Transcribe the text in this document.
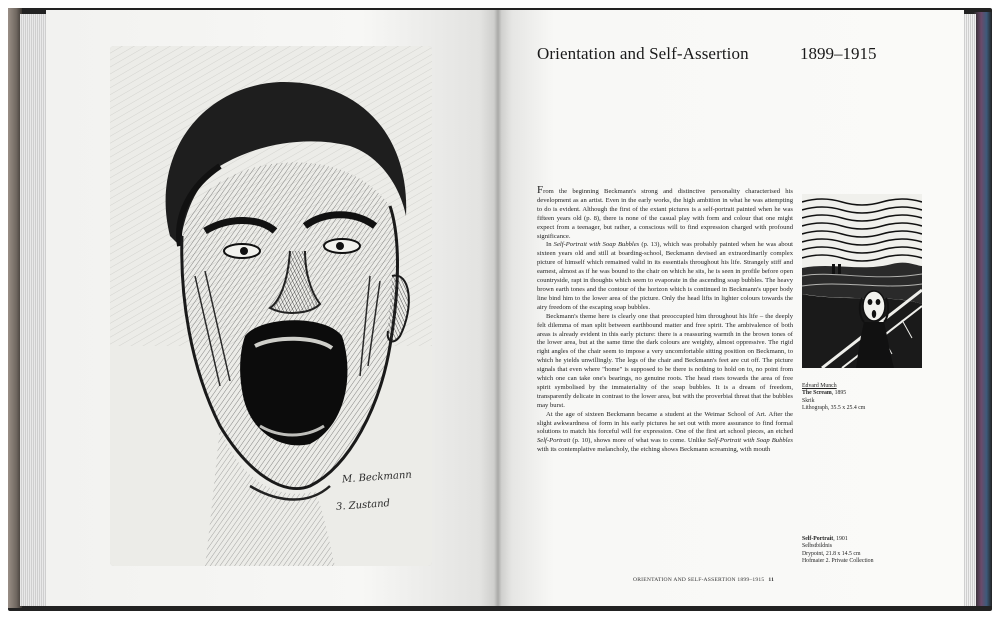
M. Beckmann
3. Zustand
Orientation and Self-Assertion	1899–1915

From the beginning Beckmann's strong and distinctive personality characterised his development as an artist. Even in the early works, the high ambition in what he was attempting to do is evident. Although the first of the extant pictures is a self-portrait painted when he was fifteen years old (p. 8), there is none of the casual play with form and colour that one might expect from a teenager, but rather, a conscious will to find expression charged with profound significance.

In Self-Portrait with Soap Bubbles (p. 13), which was probably painted when he was about sixteen years old and still at boarding-school, Beckmann devised an extraordinarily complex picture of himself which remained valid in its essentials throughout his life. Strangely stiff and earnest, almost as if he was bound to the chair on which he sits, he is seen in profile before open countryside, rapt in thoughts which seem to evaporate in the ascending soap bubbles. The heavy brown earth tones and the contour of the horizon which is continued in Beckmann's upper body line bind him to the lower area of the picture. Only the head lifts in lighter colours towards the airy freedom of the escaping soap bubbles.

Beckmann's theme here is clearly one that preoccupied him throughout his life – the deeply felt dilemma of man split between earthbound matter and free spirit. The ambivalence of both areas is already evident in this early picture: there is a reassuring warmth in the brown tones of the lower area, but at the same time the dark colours are weighty, almost oppressive. The rigid right angles of the chair seem to impose a very uncomfortable sitting position on Beckmann, to which he yields unwillingly. The legs of the chair and Beckmann's feet are cut off. The picture signals that even where "home" is supposed to be there is nothing to hold on to, no point from which one can take one's bearings, no genuine roots. The head rises towards the area of free spirit symbolised by the immateriality of the soap bubbles. It is a dream of freedom, transparently delicate in contrast to the lower area, but with the proverbial threat that the bubbles may burst.

At the age of sixteen Beckmann became a student at the Weimar School of Art. After the slight awkwardness of form in his early pictures he set out with more assurance to find formal solutions to match his forceful will for expression. One of the first art school pieces, an etched Self-Portrait (p. 10), shows more of what was to come. Unlike Self-Portrait with Soap Bubbles with its contemplative melancholy, the etching shows Beckmann screaming, with mouth

Edvard Munch
The Scream, 1895
Skrik
Lithograph, 35.5 x 25.4 cm
Self-Portrait, 1901
Selbstbildnis
Drypoint, 21.8 x 14.5 cm
Hofmaier 2. Private Collection
ORIENTATION AND SELF-ASSERTION 1899–1915 11
